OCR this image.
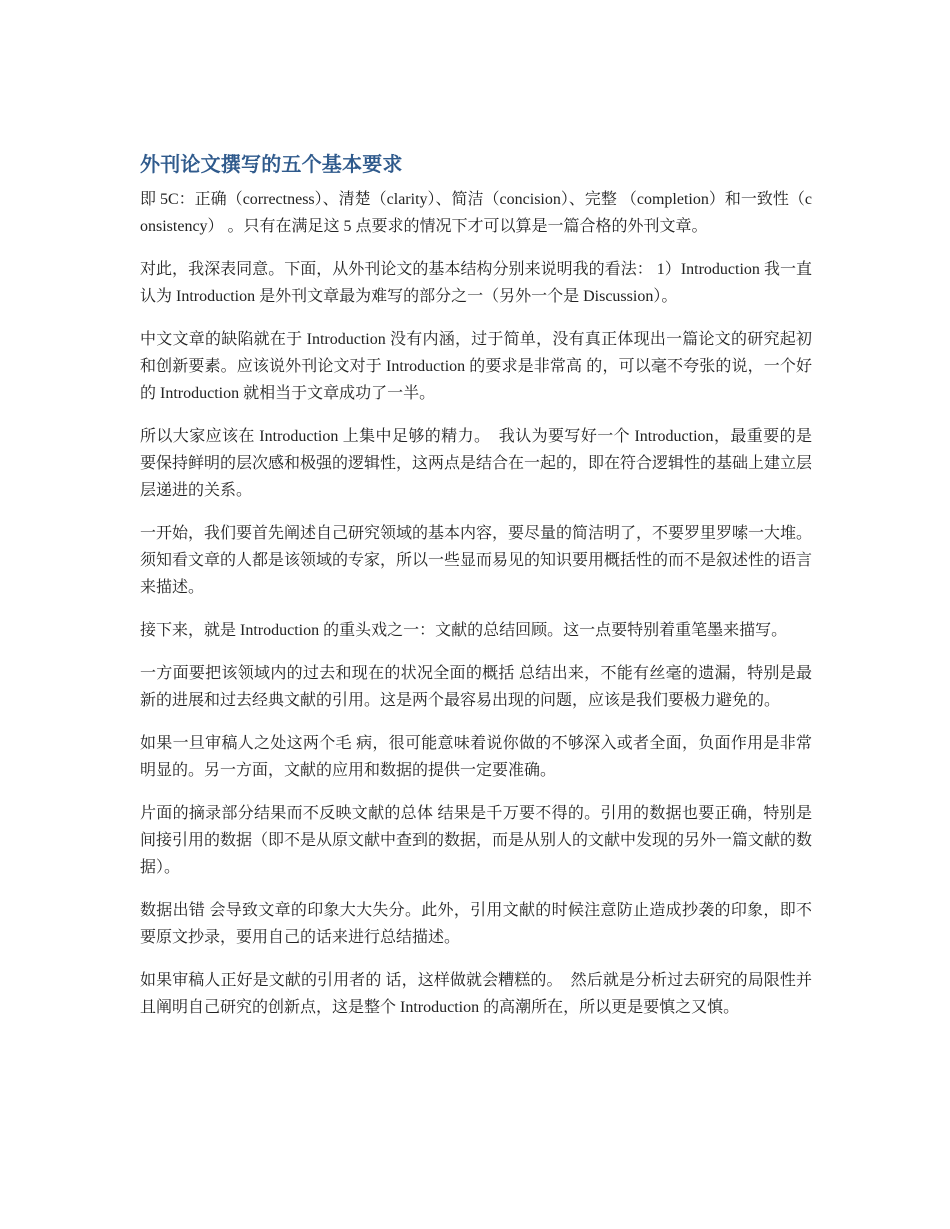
外刊论文撰写的五个基本要求

即 5C：正确（correctness）、清楚（clarity）、简洁（concision）、完整 （completion）和一致性（consistency） 。只有在满足这 5 点要求的情况下才可以算是一篇合格的外刊文章。

对此，我深表同意。下面，从外刊论文的基本结构分别来说明我的看法： 1）Introduction 我一直认为 Introduction 是外刊文章最为难写的部分之一（另外一个是 Discussion）。

中文文章的缺陷就在于 Introduction 没有内涵，过于简单，没有真正体现出一篇论文的研究起初和创新要素。应该说外刊论文对于 Introduction 的要求是非常高 的，可以毫不夸张的说，一个好的 Introduction 就相当于文章成功了一半。

所以大家应该在 Introduction 上集中足够的精力。　我认为要写好一个 Introduction，最重要的是要保持鲜明的层次感和极强的逻辑性，这两点是结合在一起的，即在符合逻辑性的基础上建立层层递进的关系。

一开始，我们要首先阐述自己研究领域的基本内容，要尽量的简洁明了，不要罗里罗嗦一大堆。须知看文章的人都是该领域的专家，所以一些显而易见的知识要用概括性的而不是叙述性的语言来描述。

接下来，就是 Introduction 的重头戏之一：文献的总结回顾。这一点要特别着重笔墨来描写。

一方面要把该领域内的过去和现在的状况全面的概括 总结出来，不能有丝毫的遗漏，特别是最新的进展和过去经典文献的引用。这是两个最容易出现的问题，应该是我们要极力避免的。

如果一旦审稿人之处这两个毛 病，很可能意味着说你做的不够深入或者全面，负面作用是非常明显的。另一方面，文献的应用和数据的提供一定要准确。

片面的摘录部分结果而不反映文献的总体 结果是千万要不得的。引用的数据也要正确，特别是间接引用的数据（即不是从原文献中查到的数据，而是从别人的文献中发现的另外一篇文献的数据）。

数据出错 会导致文章的印象大大失分。此外，引用文献的时候注意防止造成抄袭的印象，即不要原文抄录，要用自己的话来进行总结描述。

如果审稿人正好是文献的引用者的 话，这样做就会糟糕的。　然后就是分析过去研究的局限性并且阐明自己研究的创新点，这是整个 Introduction 的高潮所在，所以更是要慎之又慎。
